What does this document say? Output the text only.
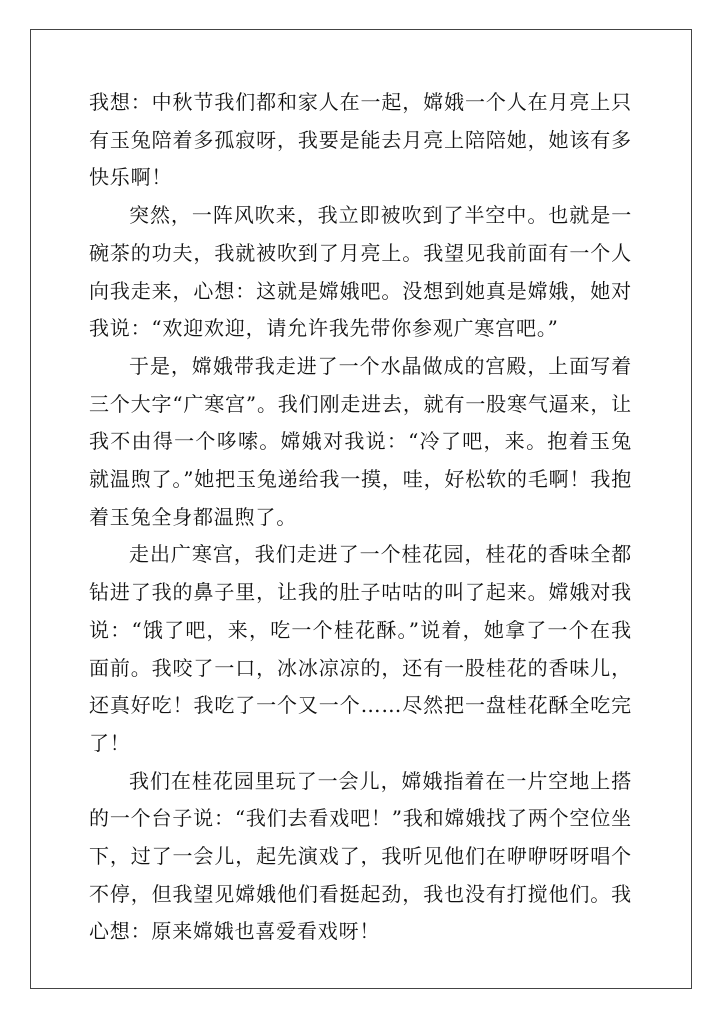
我想：中秋节我们都和家人在一起，嫦娥一个人在月亮上只有玉兔陪着多孤寂呀，我要是能去月亮上陪陪她，她该有多快乐啊！

突然，一阵风吹来，我立即被吹到了半空中。也就是一碗茶的功夫，我就被吹到了月亮上。我望见我前面有一个人向我走来，心想：这就是嫦娥吧。没想到她真是嫦娥，她对我说：“欢迎欢迎，请允许我先带你参观广寒宫吧。”

于是，嫦娥带我走进了一个水晶做成的宫殿，上面写着三个大字“广寒宫”。我们刚走进去，就有一股寒气逼来，让我不由得一个哆嗦。嫦娥对我说：“冷了吧，来。抱着玉兔就温煦了。”她把玉兔递给我一摸，哇，好松软的毛啊！我抱着玉兔全身都温煦了。

走出广寒宫，我们走进了一个桂花园，桂花的香味全都钻进了我的鼻子里，让我的肚子咕咕的叫了起来。嫦娥对我说：“饿了吧，来，吃一个桂花酥。”说着，她拿了一个在我面前。我咬了一口，冰冰凉凉的，还有一股桂花的香味儿，还真好吃！我吃了一个又一个……尽然把一盘桂花酥全吃完了！

我们在桂花园里玩了一会儿，嫦娥指着在一片空地上搭的一个台子说：“我们去看戏吧！”我和嫦娥找了两个空位坐下，过了一会儿，起先演戏了，我听见他们在咿咿呀呀唱个不停，但我望见嫦娥他们看挺起劲，我也没有打搅他们。我心想：原来嫦娥也喜爱看戏呀！
